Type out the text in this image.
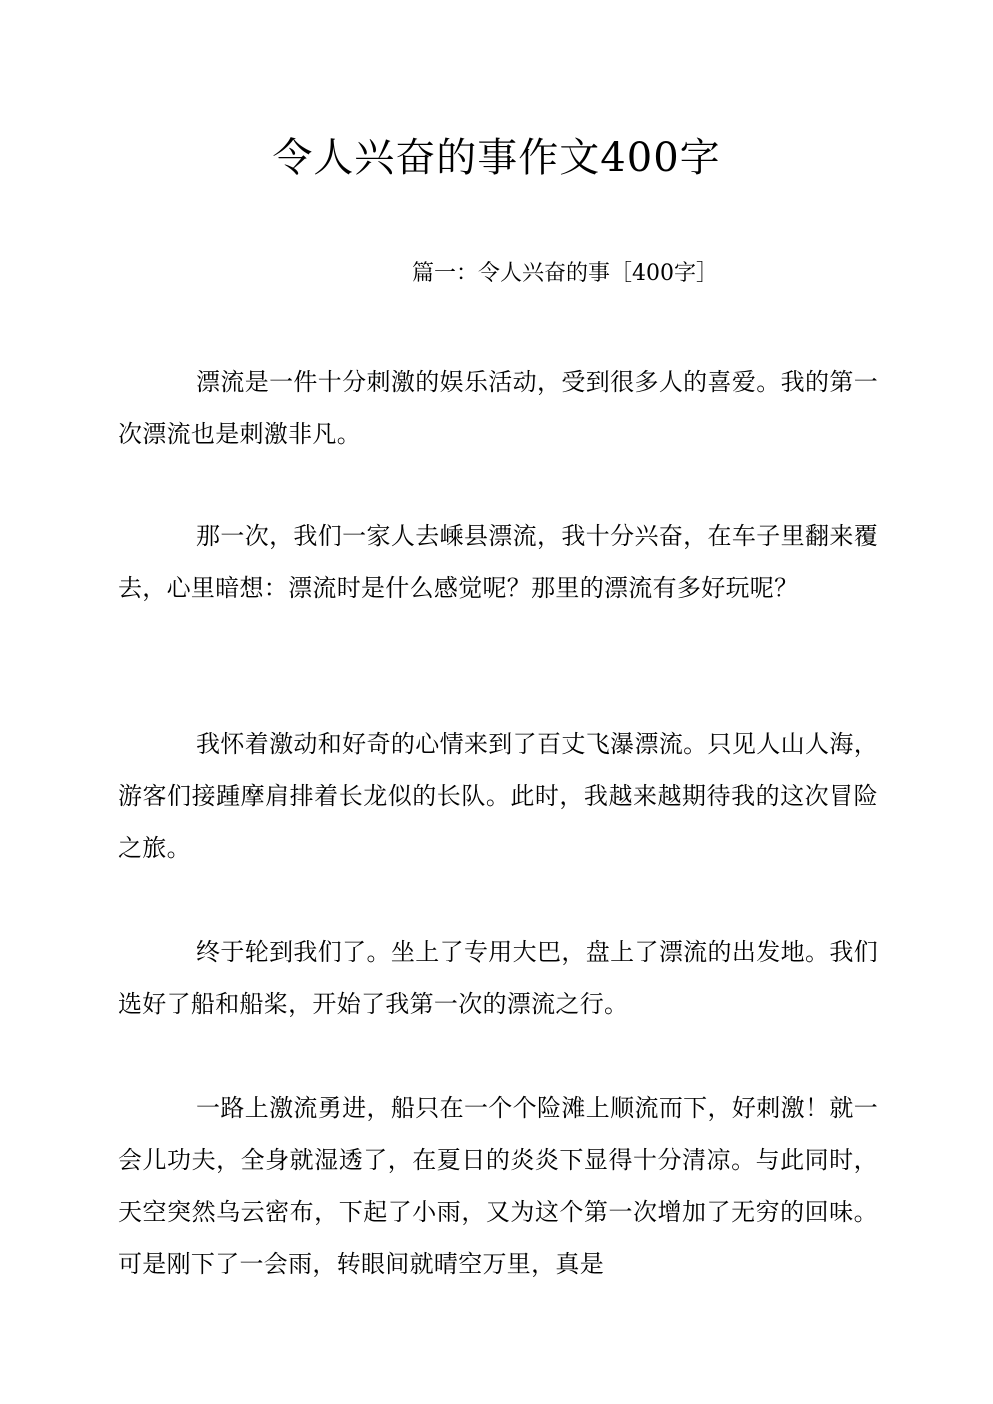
令人兴奋的事作文400字
篇一：令人兴奋的事［400字］

漂流是一件十分刺激的娱乐活动，受到很多人的喜爱。我的第一次漂流也是刺激非凡。

那一次，我们一家人去嵊县漂流，我十分兴奋，在车子里翻来覆去，心里暗想：漂流时是什么感觉呢？那里的漂流有多好玩呢？

我怀着激动和好奇的心情来到了百丈飞瀑漂流。只见人山人海，游客们接踵摩肩排着长龙似的长队。此时，我越来越期待我的这次冒险之旅。

终于轮到我们了。坐上了专用大巴，盘上了漂流的出发地。我们选好了船和船桨，开始了我第一次的漂流之行。

一路上激流勇进，船只在一个个险滩上顺流而下，好刺激！就一会儿功夫，全身就湿透了，在夏日的炎炎下显得十分清凉。与此同时，天空突然乌云密布，下起了小雨，又为这个第一次增加了无穷的回味。可是刚下了一会雨，转眼间就晴空万里，真是
